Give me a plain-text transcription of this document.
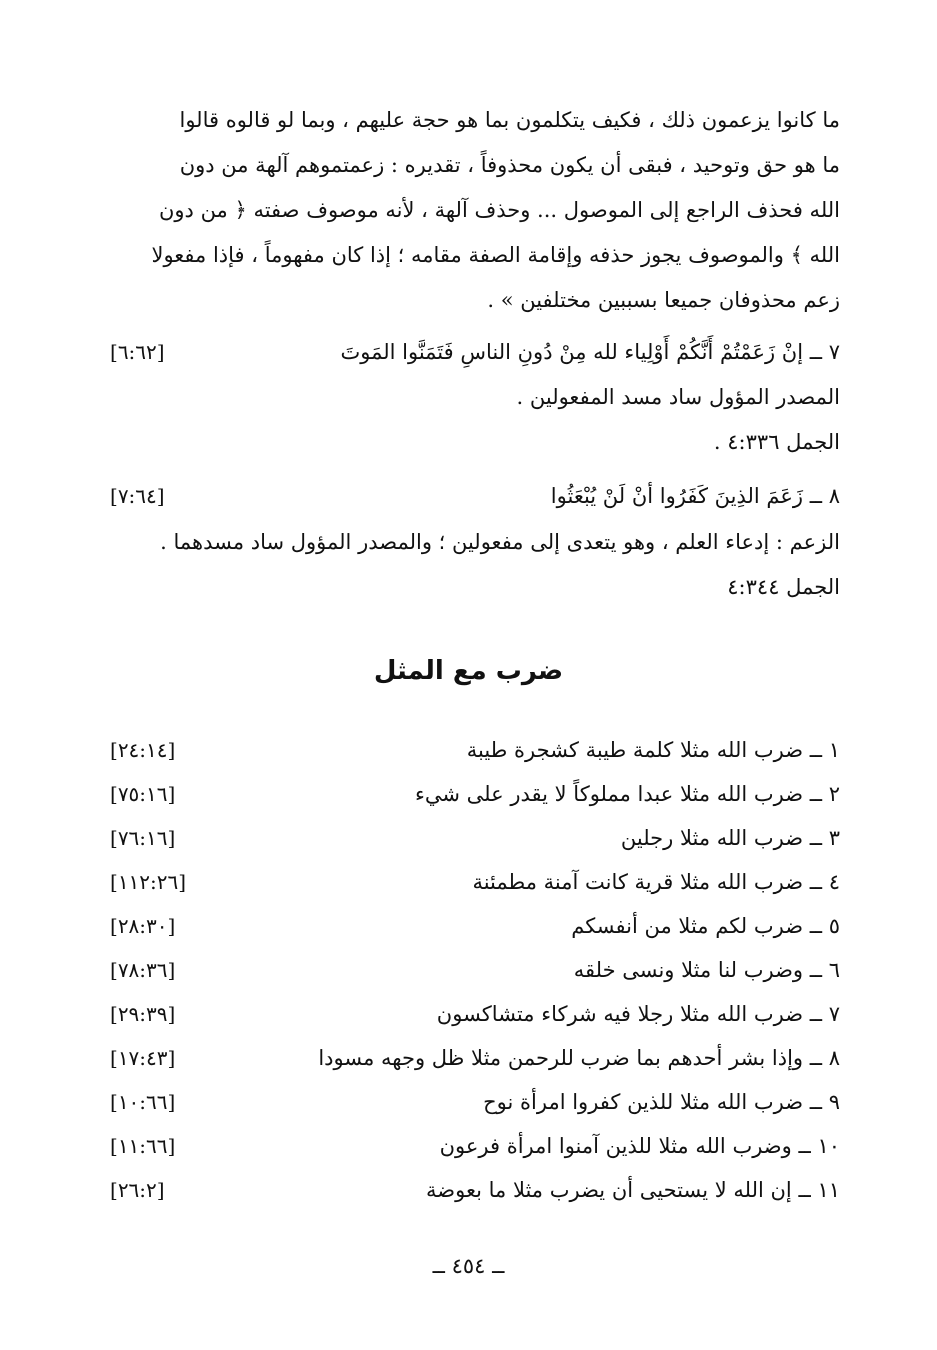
ما كانوا يزعمون ذلك ، فكيف يتكلمون بما هو حجة عليهم ، وبما لو قالوه قالوا
ما هو حق وتوحيد ، فبقى أن يكون محذوفاً ، تقديره : زعمتموهم آلهة من دون
الله فحذف الراجع إلى الموصول ... وحذف آلهة ، لأنه موصوف صفته ﴿ من دون
الله ﴾ والموصوف يجوز حذفه وإقامة الصفة مقامه ؛ إذا كان مفهوماً ، فإذا مفعولا
زعم محذوفان جميعا بسببين مختلفين » .
٧ ــ إنْ زَعَمْتُمْ أَنَّكُمْ أَوْلِياء لله مِنْ دُونِ الناسِ فَتَمَنَّوا المَوتَ
[٦:٦٢]
المصدر المؤول ساد مسد المفعولين .
الجمل ٤:٣٣٦ .
٨ ــ زَعَمَ الذِينَ كَفَرُوا أنْ لَنْ يُبْعَثُوا
[٧:٦٤]
الزعم : إدعاء العلم ، وهو يتعدى إلى مفعولين ؛ والمصدر المؤول ساد مسدهما .
الجمل ٤:٣٤٤
ضرب مع المثل
١ ــ ضرب الله مثلا كلمة طيبة كشجرة طيبة
[٢٤:١٤]
٢ ــ ضرب الله مثلا عبدا مملوكاً لا يقدر على شيء
[٧٥:١٦]
٣ ــ ضرب الله مثلا رجلين
[٧٦:١٦]
٤ ــ ضرب الله مثلا قرية كانت آمنة مطمئنة
[١١٢:٢٦]
٥ ــ ضرب لكم مثلا من أنفسكم
[٢٨:٣٠]
٦ ــ وضرب لنا مثلا ونسى خلقه
[٧٨:٣٦]
٧ ــ ضرب الله مثلا رجلا فيه شركاء متشاكسون
[٢٩:٣٩]
٨ ــ وإذا بشر أحدهم بما ضرب للرحمن مثلا ظل وجهه مسودا
[١٧:٤٣]
٩ ــ ضرب الله مثلا للذين كفروا امرأة نوح
[١٠:٦٦]
١٠ ــ وضرب الله مثلا للذين آمنوا امرأة فرعون
[١١:٦٦]
١١ ــ إن الله لا يستحيى أن يضرب مثلا ما بعوضة
[٢٦:٢]
ــ ٤٥٤ ــ
